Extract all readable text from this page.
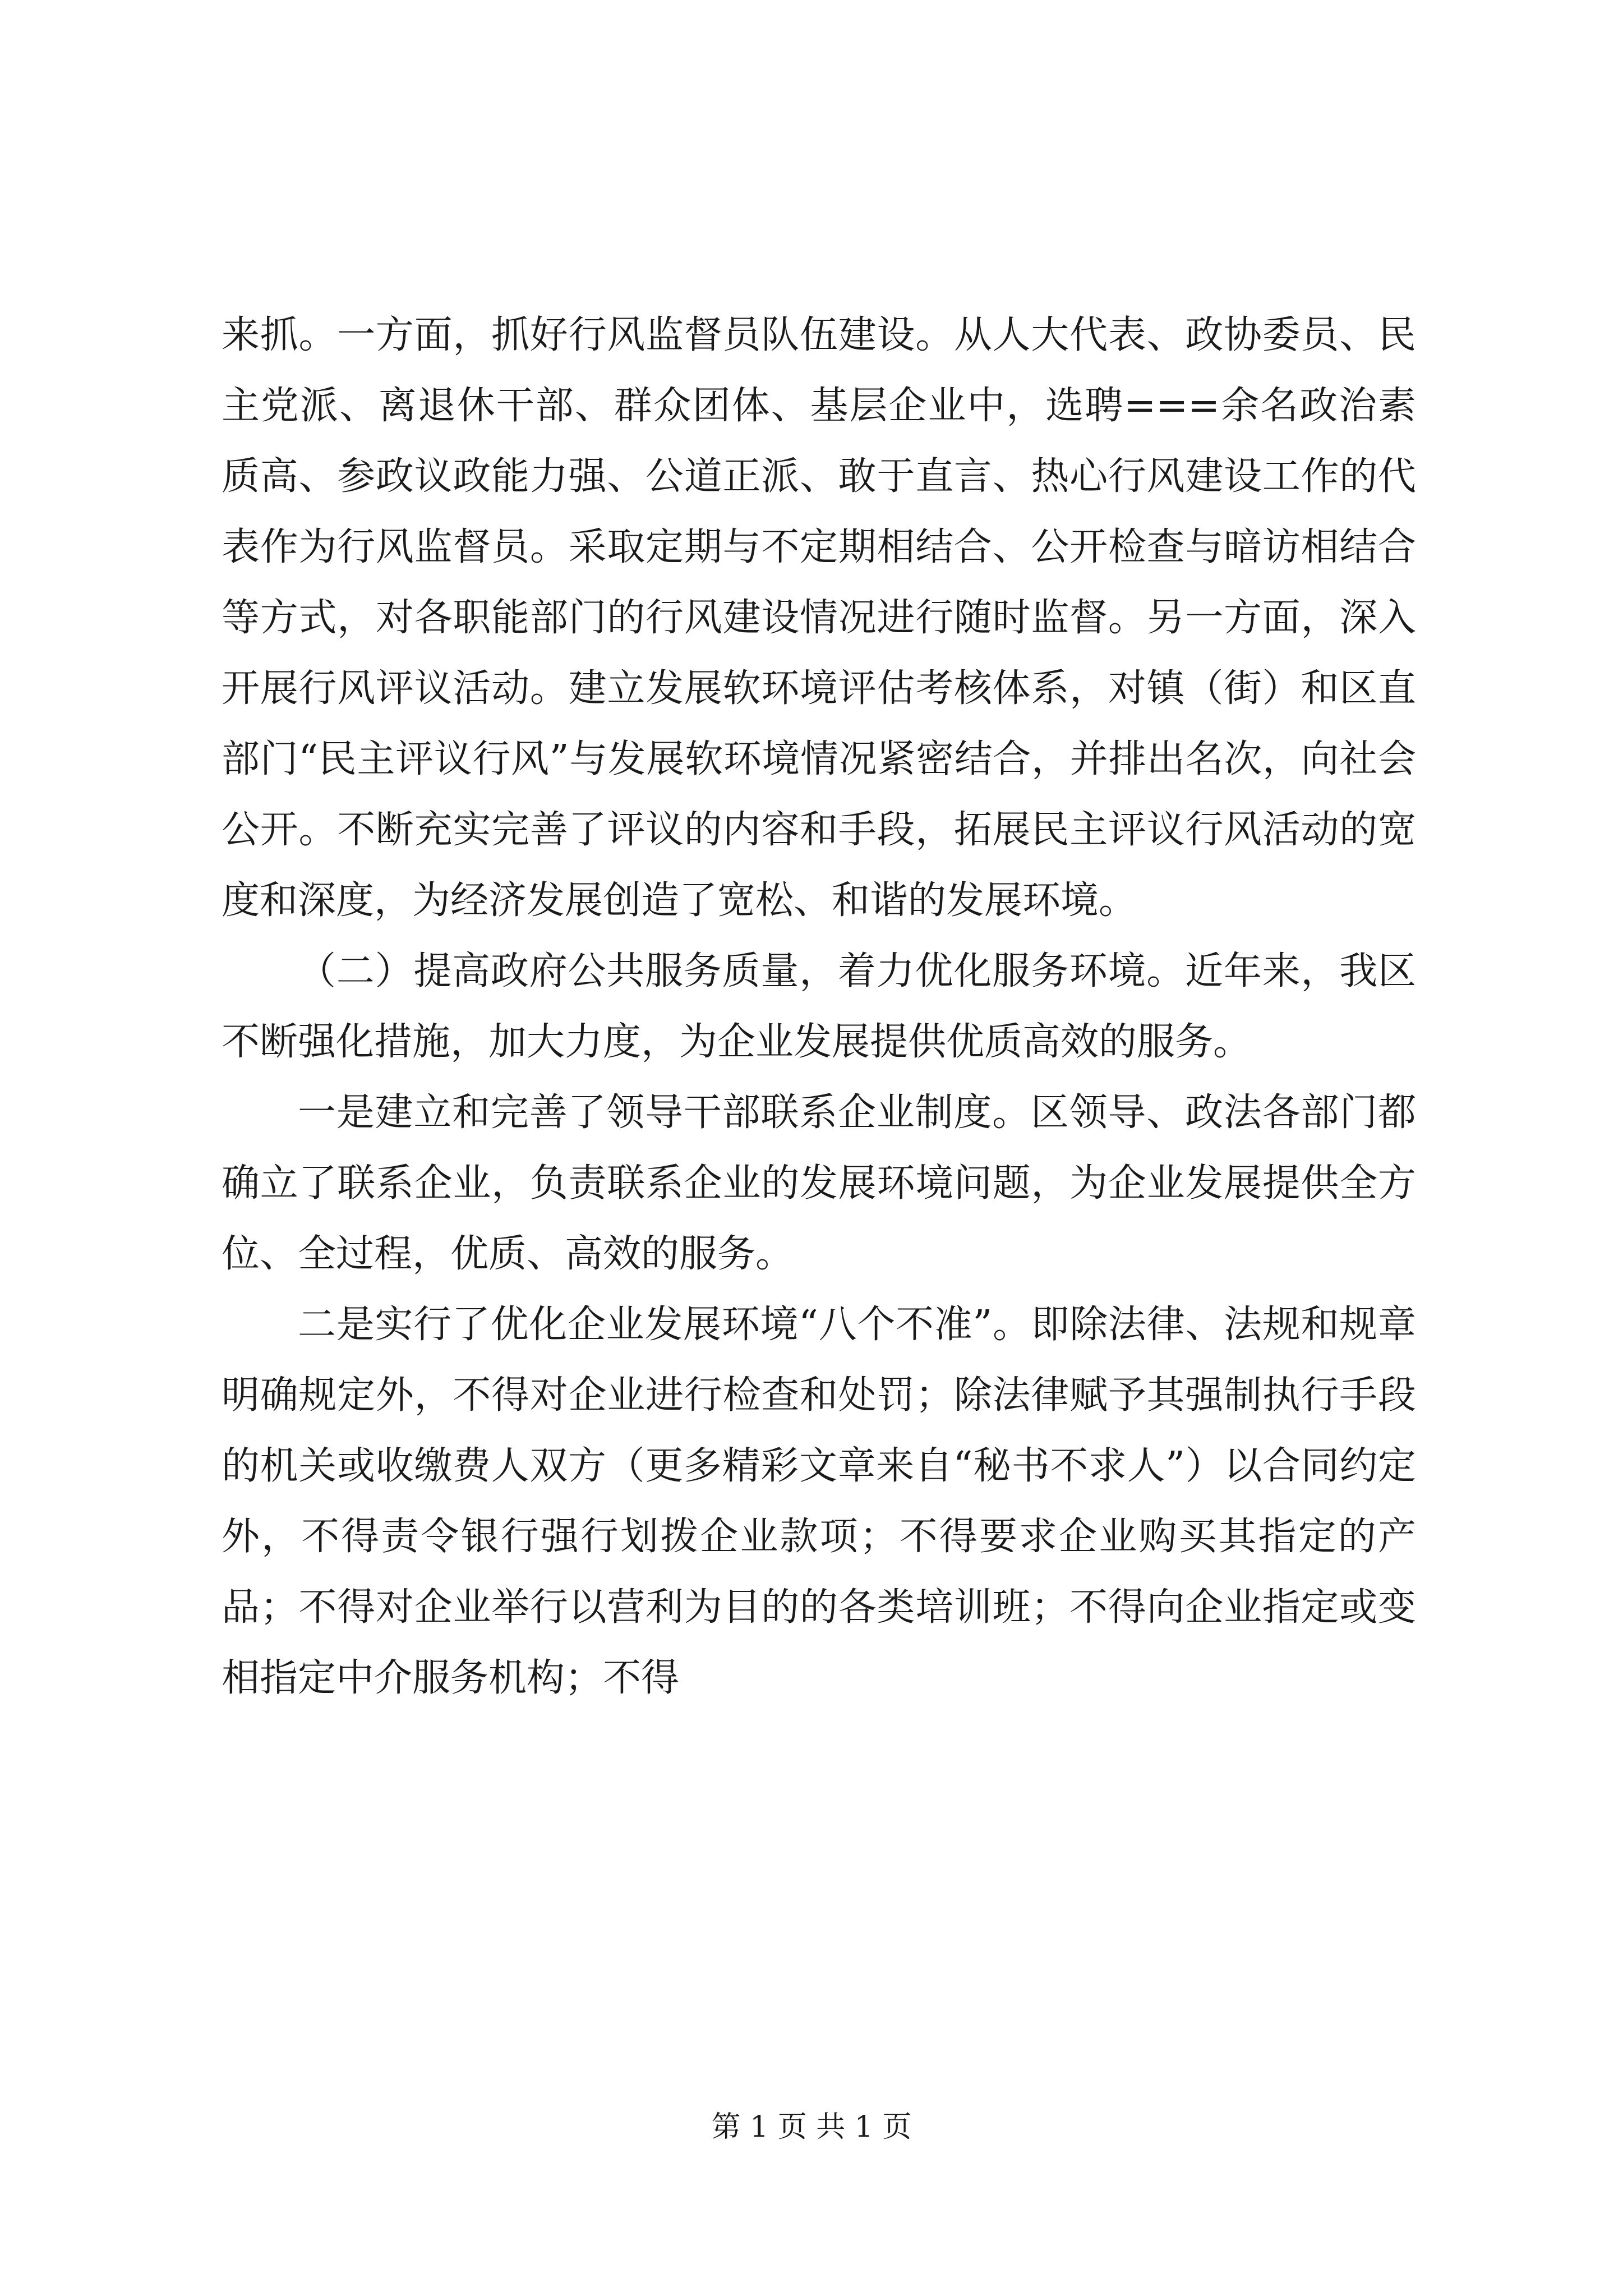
来抓。一方面，抓好行风监督员队伍建设。从人大代表、政协委员、民主党派、离退休干部、群众团体、基层企业中，选聘===余名政治素质高、参政议政能力强、公道正派、敢于直言、热心行风建设工作的代表作为行风监督员。采取定期与不定期相结合、公开检查与暗访相结合等方式，对各职能部门的行风建设情况进行随时监督。另一方面，深入开展行风评议活动。建立发展软环境评估考核体系，对镇（街）和区直部门“民主评议行风”与发展软环境情况紧密结合，并排出名次，向社会公开。不断充实完善了评议的内容和手段，拓展民主评议行风活动的宽度和深度，为经济发展创造了宽松、和谐的发展环境。

（二）提高政府公共服务质量，着力优化服务环境。近年来，我区不断强化措施，加大力度，为企业发展提供优质高效的服务。

一是建立和完善了领导干部联系企业制度。区领导、政法各部门都确立了联系企业，负责联系企业的发展环境问题，为企业发展提供全方位、全过程，优质、高效的服务。

二是实行了优化企业发展环境“八个不准”。即除法律、法规和规章明确规定外，不得对企业进行检查和处罚；除法律赋予其强制执行手段的机关或收缴费人双方（更多精彩文章来自“秘书不求人”）以合同约定外，不得责令银行强行划拨企业款项；不得要求企业购买其指定的产品；不得对企业举行以营利为目的的各类培训班；不得向企业指定或变相指定中介服务机构；不得

第 1 页 共 1 页
